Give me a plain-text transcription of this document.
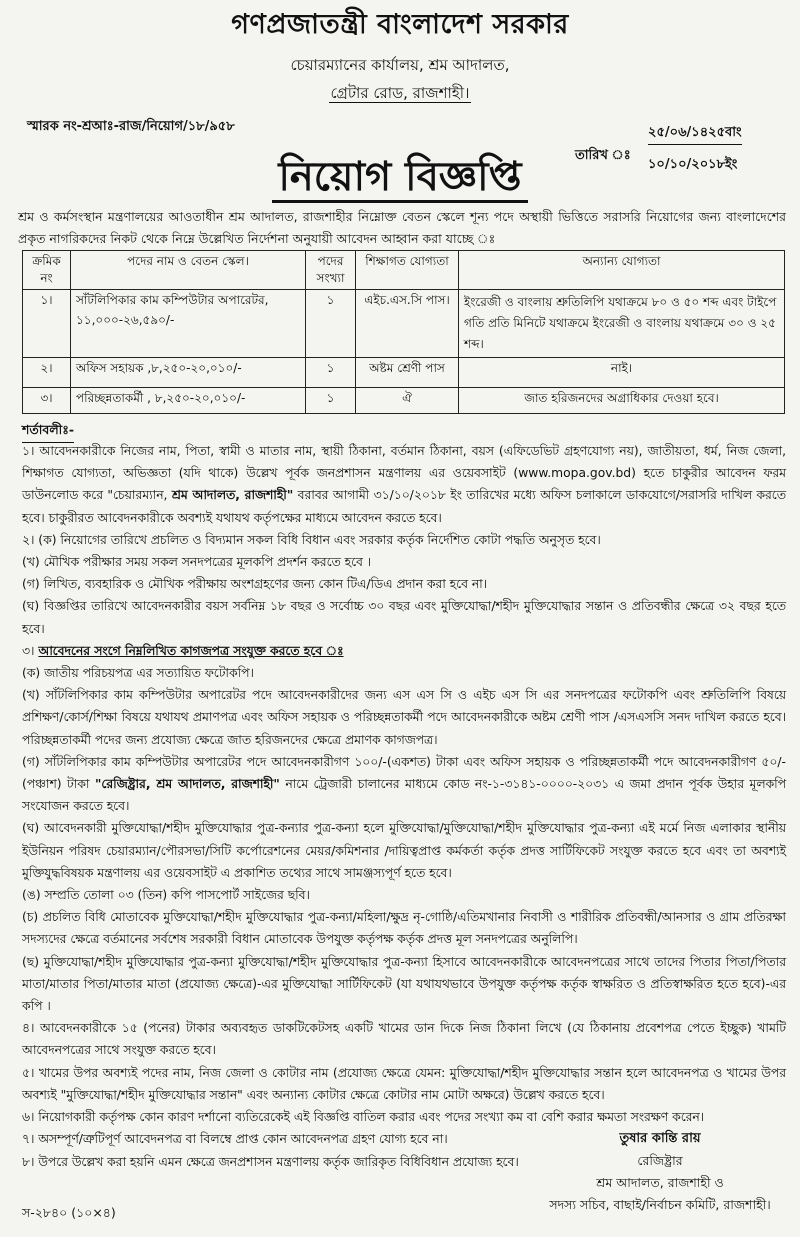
গণপ্রজাতন্ত্রী বাংলাদেশ সরকার
চেয়ারম্যানের কার্যালয়, শ্রম আদালত,
গ্রেটার রোড, রাজশাহী।
স্মারক নং-শ্রআঃ-রাজ/নিয়োগ/১৮/৯৫৮
তারিখ ঃ
২৫/০৬/১৪২৫বাং
১০/১০/২০১৮ইং
নিয়োগ বিজ্ঞপ্তি
শ্রম ও কর্মসংস্থান মন্ত্রণালয়ের আওতাধীন শ্রম আদালত, রাজশাহীর নিম্নোক্ত বেতন স্কেলে শূন্য পদে অস্থায়ী ভিত্তিতে সরাসরি নিয়োগের জন্য বাংলাদেশের প্রকৃত নাগরিকদের নিকট থেকে নিম্নে উল্লেখিত নির্দেশনা অনুযায়ী আবেদন আহ্বান করা যাচ্ছে ঃ
ক্রমিক নং	পদের নাম ও বেতন স্কেল।	পদের সংখ্যা	শিক্ষাগত যোগ্যতা	অন্যান্য যোগ্যতা
১।	সাঁটলিপিকার কাম কম্পিউটার অপারেটর, ১১,০০০-২৬,৫৯০/-	১	এইচ.এস.সি পাস।	ইংরেজী ও বাংলায় শ্রুতিলিপি যথাক্রমে ৮০ ও ৫০ শব্দ এবং টাইপে গতি প্রতি মিনিটে যথাক্রমে ইংরেজী ও বাংলায় যথাক্রমে ৩০ ও ২৫ শব্দ।
২।	অফিস সহায়ক ,৮,২৫০-২০,০১০/-	১	অষ্টম শ্রেণী পাস	নাই।
৩।	পরিচ্ছন্নতাকর্মী , ৮,২৫০-২০,০১০/-	১	ঐ	জাত হরিজনদের অগ্রাধিকার দেওয়া হবে।
শর্তাবলীঃ-

১। আবেদনকারীকে নিজের নাম, পিতা, স্বামী ও মাতার নাম, স্থায়ী ঠিকানা, বর্তমান ঠিকানা, বয়স (এফিডেভিট গ্রহণযোগ্য নয়), জাতীয়তা, ধর্ম, নিজ জেলা, শিক্ষাগত যোগ্যতা, অভিজ্ঞতা (যদি থাকে) উল্লেখ পূর্বক জনপ্রশাসন মন্ত্রণালয় এর ওয়েবসাইট (www.mopa.gov.bd) হতে চাকুরীর আবেদন ফরম ডাউনলোড করে "চেয়ারম্যান, শ্রম আদালত, রাজশাহী" বরাবর আগামী ৩১/১০/২০১৮ ইং তারিখের মধ্যে অফিস চলাকালে ডাকযোগে/সরাসরি দাখিল করতে হবে। চাকুরীরত আবেদনকারীকে অবশ্যই যথাযথ কর্তৃপক্ষের মাধ্যমে আবেদন করতে হবে।

২। (ক) নিয়োগের তারিখে প্রচলিত ও বিদ্যমান সকল বিধি বিধান এবং সরকার কর্তৃক নির্দেশিত কোটা পদ্ধতি অনুসৃত হবে।

(খ) মৌখিক পরীক্ষার সময় সকল সনদপত্রের মূলকপি প্রদর্শন করতে হবে ।

(গ) লিখিত, ব্যবহারিক ও মৌখিক পরীক্ষায় অংশগ্রহণের জন্য কোন টিএ/ডিএ প্রদান করা হবে না।

(ঘ) বিজ্ঞপ্তির তারিখে আবেদনকারীর বয়স সর্বনিম্ন ১৮ বছর ও সর্বোচ্চ ৩০ বছর এবং মুক্তিযোদ্ধা/শহীদ মুক্তিযোদ্ধার সন্তান ও প্রতিবন্ধীর ক্ষেত্রে ৩২ বছর হতে হবে।

৩। আবেদনের সংগে নিম্নলিখিত কাগজপত্র সংযুক্ত করতে হবে ঃ

(ক) জাতীয় পরিচয়পত্র এর সত্যায়িত ফটোকপি।

(খ) সাঁটলিপিকার কাম কম্পিউটার অপারেটর পদে আবেদনকারীদের জন্য এস এস সি ও এইচ এস সি এর সনদপত্রের ফটোকপি এবং শ্রুতিলিপি বিষয়ে প্রশিক্ষণ/কোর্স/শিক্ষা বিষয়ে যথাযথ প্রমাণপত্র এবং অফিস সহায়ক ও পরিচ্ছন্নতাকর্মী পদে আবেদনকারীকে অষ্টম শ্রেণী পাস /এসএসসি সনদ দাখিল করতে হবে। পরিচ্ছন্নতাকর্মী পদের জন্য প্রযোজ্য ক্ষেত্রে জাত হরিজনদের ক্ষেত্রে প্রমাণক কাগজপত্র।

(গ) সাঁটলিপিকার কাম কম্পিউটার অপারেটর পদে আবেদনকারীগণ ১০০/-(একশত) টাকা এবং অফিস সহায়ক ও পরিচ্ছন্নতাকর্মী পদে আবেদনকারীগণ ৫০/-(পঞ্চাশ) টাকা "রেজিষ্ট্রার, শ্রম আদালত, রাজশাহী" নামে ট্রেজারী চালানের মাধ্যমে কোড নং-১-৩১৪১-০০০০-২০৩১ এ জমা প্রদান পূর্বক উহার মূলকপি সংযোজন করতে হবে।

(ঘ) আবেদনকারী মুক্তিযোদ্ধা/শহীদ মুক্তিযোদ্ধার পুত্র-কন্যার পুত্র-কন্যা হলে মুক্তিযোদ্ধা/মুক্তিযোদ্ধা/শহীদ মুক্তিযোদ্ধার পুত্র-কন্যা এই মর্মে নিজ এলাকার স্থানীয় ইউনিয়ন পরিষদ চেয়ারম্যান/পৌরসভা/সিটি কর্পোরেশনের মেয়র/কমিশনার /দায়িত্বপ্রাপ্ত কর্মকর্তা কর্তৃক প্রদত্ত সার্টিফিকেট সংযুক্ত করতে হবে এবং তা অবশ্যই মুক্তিযুদ্ধবিষয়ক মন্ত্রণালয় এর ওয়েবসাইট এ প্রকাশিত তথ্যের সাথে সামঞ্জস্যপূর্ণ হতে হবে।

(ঙ) সম্প্রতি তোলা ০৩ (তিন) কপি পাসপোর্ট সাইজের ছবি।

(চ) প্রচলিত বিধি মোতাবেক মুক্তিযোদ্ধা/শহীদ মুক্তিযোদ্ধার পুত্র-কন্যা/মহিলা/ক্ষুদ্র নৃ-গোষ্ঠি/এতিমখানার নিবাসী ও শারীরিক প্রতিবন্ধী/আনসার ও গ্রাম প্রতিরক্ষা সদস্যদের ক্ষেত্রে বর্তমানের সর্বশেষ সরকারী বিধান মোতাবেক উপযুক্ত কর্তৃপক্ষ কর্তৃক প্রদত্ত মূল সনদপত্রের অনুলিপি।

(ছ) মুক্তিযোদ্ধা/শহীদ মুক্তিযোদ্ধার পুত্র-কন্যা মুক্তিযোদ্ধা/শহীদ মুক্তিযোদ্ধার পুত্র-কন্যা হিসাবে আবেদনকারীকে আবেদনপত্রের সাথে তাদের পিতার পিতা/পিতার মাতা/মাতার পিতা/মাতার মাতা (প্রযোজ্য ক্ষেত্রে)-এর মুক্তিযোদ্ধা সার্টিফিকেট (যা যথাযথভাবে উপযুক্ত কর্তৃপক্ষ কর্তৃক স্বাক্ষরিত ও প্রতিস্বাক্ষরিত হতে হবে)-এর কপি ।

৪। আবেদনকারীকে ১৫ (পনের) টাকার অব্যবহৃত ডাকটিকেটসহ একটি খামের ডান দিকে নিজ ঠিকানা লিখে (যে ঠিকানায় প্রবেশপত্র পেতে ইচ্ছুক) খামটি আবেদনপত্রের সাথে সংযুক্ত করতে হবে।

৫। খামের উপর অবশ্যই পদের নাম, নিজ জেলা ও কোটার নাম (প্রযোজ্য ক্ষেত্রে যেমন: মুক্তিযোদ্ধা/শহীদ মুক্তিযোদ্ধার সন্তান হলে আবেদনপত্র ও খামের উপর অবশ্যই "মুক্তিযোদ্ধা/শহীদ মুক্তিযোদ্ধার সন্তান" এবং অন্যান্য কোটার ক্ষেত্রে কোটার নাম মোটা অক্ষরে) উল্লেখ করতে হবে।

৬। নিয়োগকারী কর্তৃপক্ষ কোন কারণ দর্শানো ব্যতিরেকেই এই বিজ্ঞপ্তি বাতিল করার এবং পদের সংখ্যা কম বা বেশি করার ক্ষমতা সংরক্ষণ করেন।

৭। অসম্পূর্ণ/ত্রুটিপূর্ণ আবেদনপত্র বা বিলম্বে প্রাপ্ত কোন আবেদনপত্র গ্রহণ যোগ্য হবে না।

৮। উপরে উল্লেখ করা হয়নি এমন ক্ষেত্রে জনপ্রশাসন মন্ত্রণালয় কর্তৃক জারিকৃত বিধিবিধান প্রযোজ্য হবে।

তুষার কান্তি রায়
রেজিষ্ট্রার
শ্রম আদালত, রাজশাহী ও
সদস্য সচিব, বাছাই/নির্বাচন কমিটি, রাজশাহী।
স-২৮৪০ (১০×৪)
